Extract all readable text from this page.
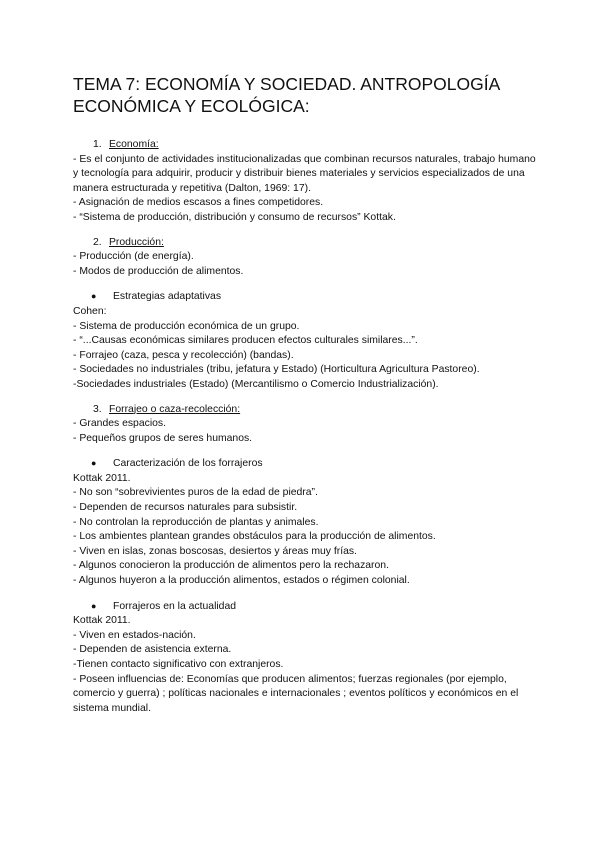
TEMA 7: ECONOMÍA Y SOCIEDAD. ANTROPOLOGÍA ECONÓMICA Y ECOLÓGICA:
1. Economía:
- Es el conjunto de actividades institucionalizadas que combinan recursos naturales, trabajo humano y tecnología para adquirir, producir y distribuir bienes materiales y servicios especializados de una manera estructurada y repetitiva (Dalton, 1969: 17).
- Asignación de medios escasos a fines competidores.
- “Sistema de producción, distribución y consumo de recursos” Kottak.
2. Producción:
- Producción (de energía).
- Modos de producción de alimentos.
● Estrategias adaptativas
Cohen:
- Sistema de producción económica de un grupo.
- “...Causas económicas similares producen efectos culturales similares...”.
- Forrajeo (caza, pesca y recolección) (bandas).
- Sociedades no industriales (tribu, jefatura y Estado) (Horticultura Agricultura Pastoreo).
-Sociedades industriales (Estado) (Mercantilismo o Comercio Industrialización).
3. Forrajeo o caza-recolección:
- Grandes espacios.
- Pequeños grupos de seres humanos.
● Caracterización de los forrajeros
Kottak 2011.
- No son “sobrevivientes puros de la edad de piedra”.
- Dependen de recursos naturales para subsistir.
- No controlan la reproducción de plantas y animales.
- Los ambientes plantean grandes obstáculos para la producción de alimentos.
- Viven en islas, zonas boscosas, desiertos y áreas muy frías.
- Algunos conocieron la producción de alimentos pero la rechazaron.
- Algunos huyeron a la producción alimentos, estados o régimen colonial.
● Forrajeros en la actualidad
Kottak 2011.
- Viven en estados-nación.
- Dependen de asistencia externa.
-Tienen contacto significativo con extranjeros.
- Poseen influencias de: Economías que producen alimentos; fuerzas regionales (por ejemplo, comercio y guerra) ; políticas nacionales e internacionales ; eventos políticos y económicos en el sistema mundial.
